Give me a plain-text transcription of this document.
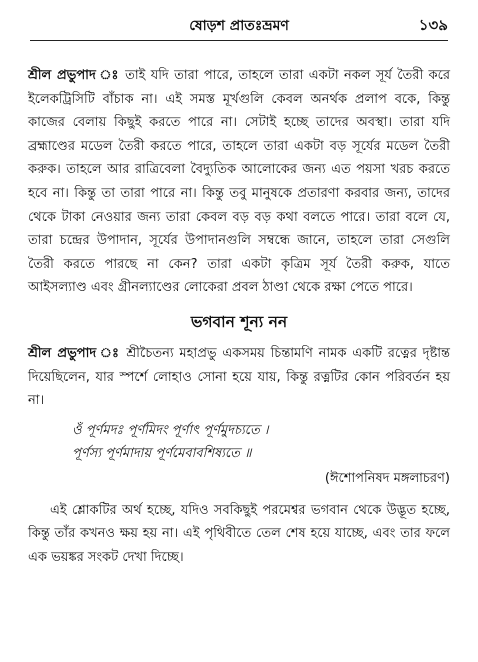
ষোড়শ প্রাতঃভ্রমণ	১৩৯

শ্রীল প্রভুপাদ ঃ তাই যদি তারা পারে, তাহলে তারা একটা নকল সূর্য তৈরী করে ইলেকট্রিসিটি বাঁচাক না। এই সমস্ত মূর্খগুলি কেবল অনর্থক প্রলাপ বকে, কিন্তু কাজের বেলায় কিছুই করতে পারে না। সেটাই হচ্ছে তাদের অবস্থা। তারা যদি ব্রহ্মাণ্ডের মডেল তৈরী করতে পারে, তাহলে তারা একটা বড় সূর্যের মডেল তৈরী করুক। তাহলে আর রাত্রিবেলা বৈদ্যুতিক আলোকের জন্য এত পয়সা খরচ করতে হবে না। কিন্তু তা তারা পারে না। কিন্তু তবু মানুষকে প্রতারণা করবার জন্য, তাদের থেকে টাকা নেওয়ার জন্য তারা কেবল বড় বড় কথা বলতে পারে। তারা বলে যে, তারা চন্দ্রের উপাদান, সূর্যের উপাদানগুলি সম্বন্ধে জানে, তাহলে তারা সেগুলি তৈরী করতে পারছে না কেন? তারা একটা কৃত্রিম সূর্য তৈরী করুক, যাতে আইসল্যাণ্ড এবং গ্রীনল্যাণ্ডের লোকেরা প্রবল ঠাণ্ডা থেকে রক্ষা পেতে পারে।

ভগবান শূন্য নন

শ্রীল প্রভুপাদ ঃ শ্রীচৈতন্য মহাপ্রভু একসময় চিন্তামণি নামক একটি রত্নের দৃষ্টান্ত দিয়েছিলেন, যার স্পর্শে লোহাও সোনা হয়ে যায়, কিন্তু রত্নটির কোন পরিবর্তন হয় না।

ওঁ পূর্ণমদঃ পূর্ণমিদং পূর্ণাৎ পূর্ণমুদচ্যতে ।
পূর্ণস্য পূর্ণমাদায় পূর্ণমেবাবশিষ্যতে ॥
(ঈশোপনিষদ মঙ্গলাচরণ)

এই শ্লোকটির অর্থ হচ্ছে, যদিও সবকিছুই পরমেশ্বর ভগবান থেকে উদ্ভূত হচ্ছে, কিন্তু তাঁর কখনও ক্ষয় হয় না। এই পৃথিবীতে তেল শেষ হয়ে যাচ্ছে, এবং তার ফলে এক ভয়ঙ্কর সংকট দেখা দিচ্ছে।
